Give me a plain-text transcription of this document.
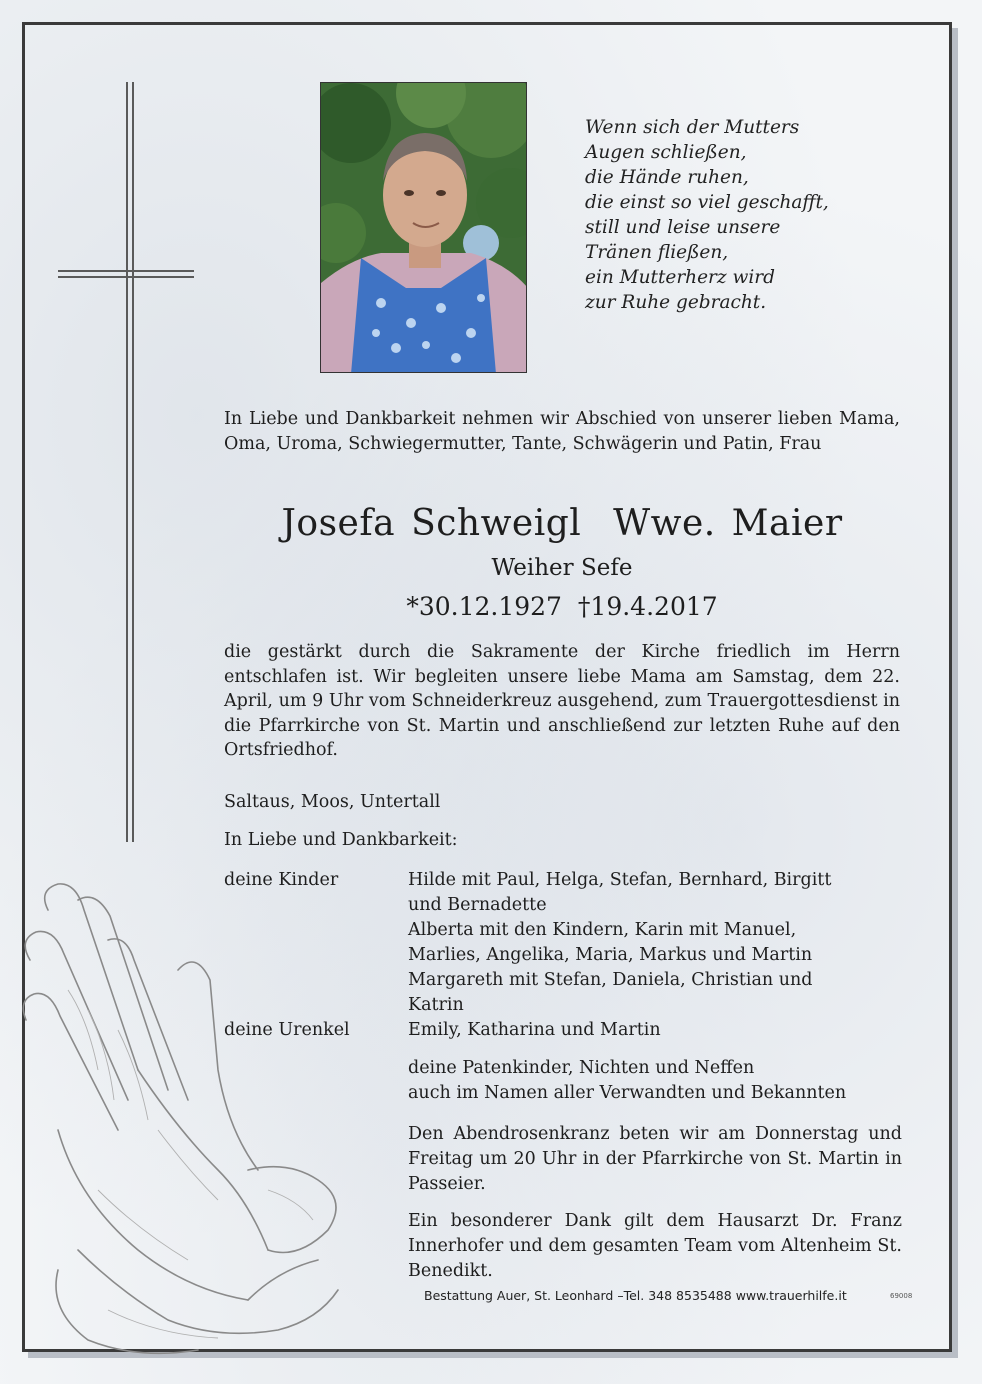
Wenn sich der Mutters
Augen schließen,
die Hände ruhen,
die einst so viel geschafft,
still und leise unsere
Tränen fließen,
ein Mutterherz wird
zur Ruhe gebracht.
In Liebe und Dankbarkeit nehmen wir Abschied von unserer lieben Mama, Oma, Uroma, Schwiegermutter, Tante, Schwägerin und Patin, Frau
Josefa Schweigl  Wwe. Maier
Weiher Sefe
*30.12.1927 †19.4.2017
die gestärkt durch die Sakramente der Kirche friedlich im Herrn entschlafen ist. Wir begleiten unsere liebe Mama am Samstag, dem 22. April, um 9 Uhr vom Schneiderkreuz ausgehend, zum Trauergottesdienst in die Pfarrkirche von St. Martin und anschließend zur letzten Ruhe auf den Ortsfriedhof.
Saltaus, Moos, Untertall
In Liebe und Dankbarkeit:
deine Kinder	Hilde mit Paul, Helga, Stefan, Bernhard, Birgitt
und Bernadette
Alberta mit den Kindern, Karin mit Manuel,
Marlies, Angelika, Maria, Markus und Martin
Margareth mit Stefan, Daniela, Christian und
Katrin
deine Urenkel	Emily, Katharina und Martin
deine Patenkinder, Nichten und Neffen
auch im Namen aller Verwandten und Bekannten
Den Abendrosenkranz beten wir am Donnerstag und Freitag um 20 Uhr in der Pfarrkirche von St. Martin in Passeier.
Ein besonderer Dank gilt dem Hausarzt Dr. Franz Innerhofer und dem gesamten Team vom Altenheim St. Benedikt.
Bestattung Auer, St. Leonhard –Tel. 348 8535488 www.trauerhilfe.it	69008
